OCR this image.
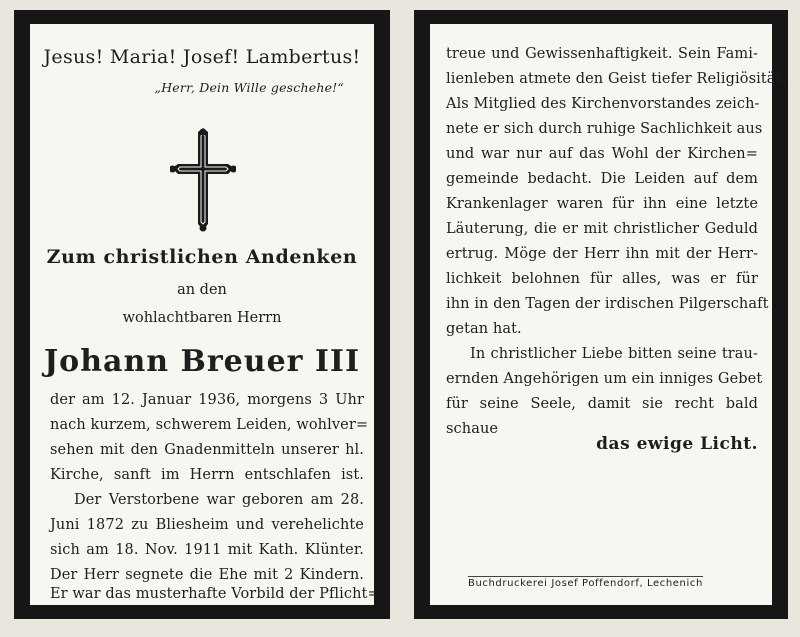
Jesus! Maria! Josef! Lambertus!
„Herr, Dein Wille geschehe!“
Zum christlichen Andenken
an den
wohlachtbaren Herrn
Johann Breuer III
der am 12. Januar 1936, morgens 3 Uhr
nach kurzem, schwerem Leiden, wohlver=
sehen mit den Gnadenmitteln unserer hl.
Kirche, sanft im Herrn entschlafen ist.
Der Verstorbene war geboren am 28.
Juni 1872 zu Bliesheim und verehelichte
sich am 18. Nov. 1911 mit Kath. Klünter.
Der Herr segnete die Ehe mit 2 Kindern.
Er war das musterhafte Vorbild der Pflicht=
treue und Gewissenhaftigkeit. Sein Fami-
lienleben atmete den Geist tiefer Religiösität.
Als Mitglied des Kirchenvorstandes zeich-
nete er sich durch ruhige Sachlichkeit aus
und war nur auf das Wohl der Kirchen=
gemeinde bedacht. Die Leiden auf dem
Krankenlager waren für ihn eine letzte
Läuterung, die er mit christlicher Geduld
ertrug. Möge der Herr ihn mit der Herr-
lichkeit belohnen für alles, was er für
ihn in den Tagen der irdischen Pilgerschaft
getan hat.
In christlicher Liebe bitten seine trau-
ernden Angehörigen um ein inniges Gebet
für seine Seele, damit sie recht bald
schaue
das ewige Licht.
Buchdruckerei Josef Poffendorf, Lechenich
